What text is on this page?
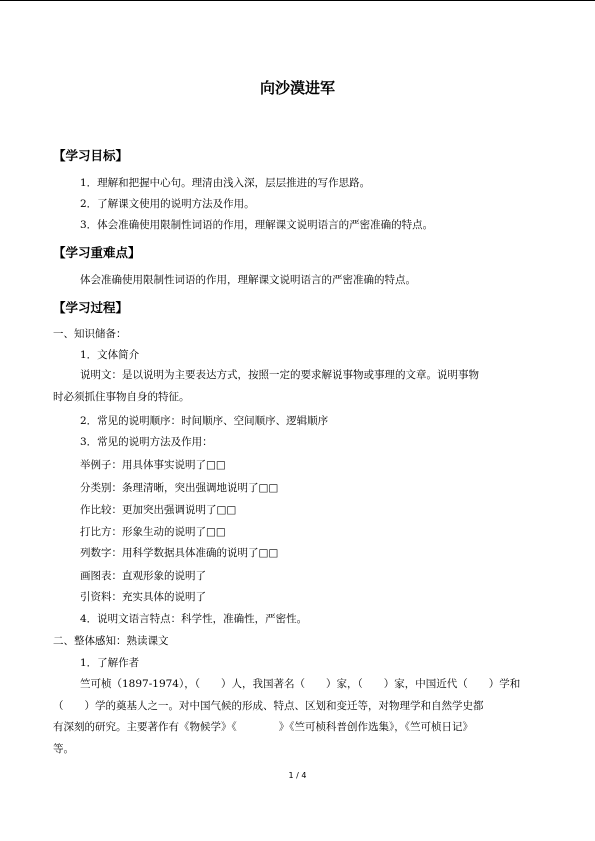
向沙漠进军
【学习目标】
1．理解和把握中心句。理清由浅入深，层层推进的写作思路。
2．了解课文使用的说明方法及作用。
3．体会准确使用限制性词语的作用，理解课文说明语言的严密准确的特点。
【学习重难点】
体会准确使用限制性词语的作用，理解课文说明语言的严密准确的特点。
【学习过程】
一、知识储备：
1．文体简介
说明文：是以说明为主要表达方式，按照一定的要求解说事物或事理的文章。说明事物
时必须抓住事物自身的特征。
2．常见的说明顺序：时间顺序、空间顺序、逻辑顺序
3．常见的说明方法及作用：
举例子：用具体事实说明了□□
分类别：条理清晰，突出强调地说明了□□
作比较：更加突出强调说明了□□
打比方：形象生动的说明了□□
列数字：用科学数据具体准确的说明了□□
画图表：直观形象的说明了
引资料：充实具体的说明了
4．说明文语言特点：科学性，准确性，严密性。
二、整体感知：熟读课文
1．了解作者
竺可桢（1897-1974），（　　）人，我国著名（　　）家，（　　）家，中国近代（　　）学和
（　　）学的奠基人之一。对中国气候的形成、特点、区划和变迁等，对物理学和自然学史都
有深刻的研究。主要著作有《物候学》《　　　　》《竺可桢科普创作选集》，《竺可桢日记》
等。
1 / 4
